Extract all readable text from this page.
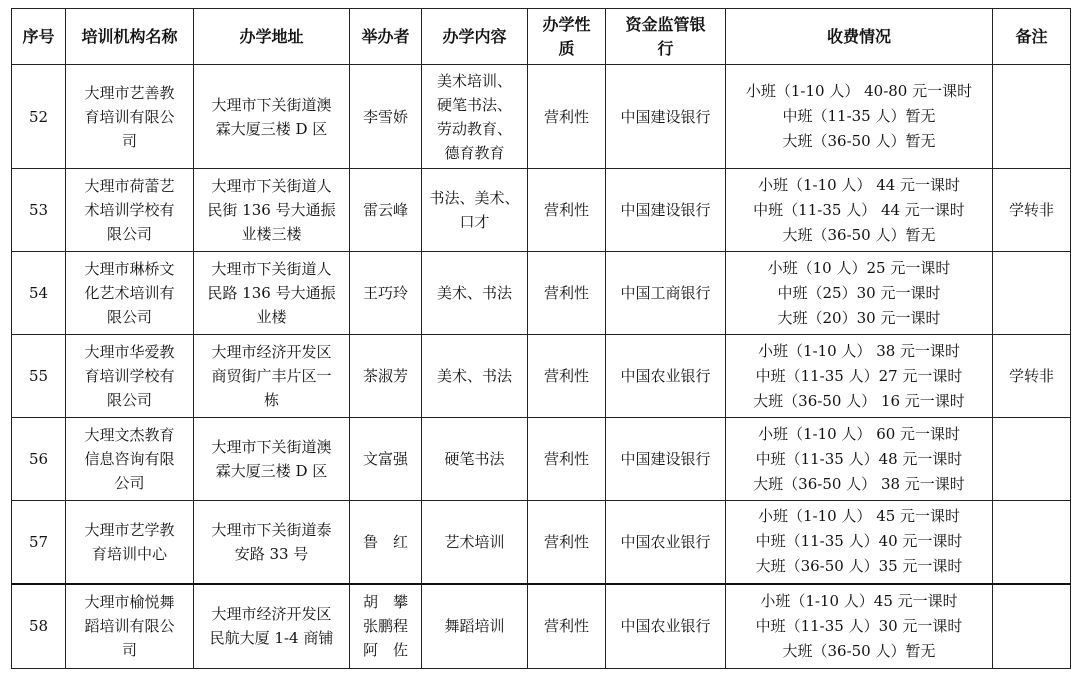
序号	培训机构名称	办学地址	举办者	办学内容	办学性
质	资金监管银
行	收费情况	备注
52	大理市艺善教
育培训有限公
司	大理市下关街道澳
霖大厦三楼 D 区	李雪娇	美术培训、
硬笔书法、
劳动教育、
德育教育	营利性	中国建设银行	小班（1-10 人） 40-80 元一课时
中班（11-35 人）暂无
大班（36-50 人）暂无	

53	大理市荷蕾艺
术培训学校有
限公司	大理市下关街道人
民街 136 号大通振
业楼三楼	雷云峰	书法、美术、
口才	营利性	中国建设银行	小班（1-10 人） 44 元一课时
中班（11-35 人） 44 元一课时
大班（36-50 人）暂无	学转非
54	大理市琳桥文
化艺术培训有
限公司	大理市下关街道人
民路 136 号大通振
业楼	王巧玲	美术、书法	营利性	中国工商银行	小班（10 人）25 元一课时
中班（25）30 元一课时
大班（20）30 元一课时	

55	大理市华爱教
育培训学校有
限公司	大理市经济开发区
商贸街广丰片区一
栋	茶淑芳	美术、书法	营利性	中国农业银行	小班（1-10 人） 38 元一课时
中班（11-35 人）27 元一课时
大班（36-50 人） 16 元一课时	学转非
56	大理文杰教育
信息咨询有限
公司	大理市下关街道澳
霖大厦三楼 D 区	文富强	硬笔书法	营利性	中国建设银行	小班（1-10 人） 60 元一课时
中班（11-35 人）48 元一课时
大班（36-50 人） 38 元一课时	

57	大理市艺学教
育培训中心	大理市下关街道泰
安路 33 号	鲁　红	艺术培训	营利性	中国农业银行	小班（1-10 人） 45 元一课时
中班（11-35 人）40 元一课时
大班（36-50 人）35 元一课时	

58	大理市榆悦舞
蹈培训有限公
司	大理市经济开发区
民航大厦 1-4 商铺	胡　攀
张鹏程
阿　佐	舞蹈培训	营利性	中国农业银行	小班（1-10 人）45 元一课时
中班（11-35 人）30 元一课时
大班（36-50 人）暂无	
